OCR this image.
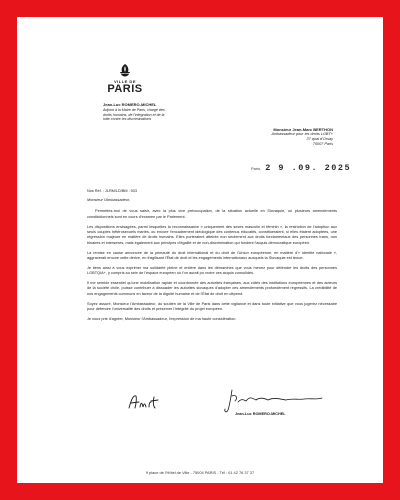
VILLE DE
PARIS
Jean-Luc ROMERO-MICHEL
Adjoint à la Maire de Paris, chargé des
droits humains, de l'intégration et de la
lutte contre les discriminations
Monsieur Jean-Marc BERTHON
Ambassadeur pour les droits LGBT+
37 quai d'Orsay
75007 Paris
Paris, 2 9 .09. 2025
Nos Réf. : JLRM/LD/BM : 503

Monsieur l'Ambassadeur,

Permettez-moi de vous saisir, avec la plus vive préoccupation, de la situation actuelle en Slovaquie, où plusieurs amendements constitutionnels sont en cours d'examen par le Parlement.

Les dispositions envisagées, parmi lesquelles la reconnaissance « uniquement des sexes masculin et féminin », la restriction de l'adoption aux seuls couples hétérosexuels mariés, ou encore l'encadrement idéologique des contenus éducatifs, constitueraient, si elles étaient adoptées, une régression majeure en matière de droits humains. Elles porteraient atteinte non seulement aux droits fondamentaux des personnes trans, non binaires et intersexes, mais également aux principes d'égalité et de non-discrimination qui fondent l'acquis démocratique européen.

La remise en cause annoncée de la primauté du droit international et du droit de l'Union européenne, en matière d'« identité nationale », aggraverait encore cette dérive, en fragilisant l'État de droit et les engagements internationaux auxquels la Slovaquie est tenue.

Je tiens ainsi à vous exprimer ma solidarité pleine et entière dans les démarches que vous menez pour défendre les droits des personnes LGBTQIA+, y compris au sein de l'espace européen où l'on aurait pu croire ces acquis consolidés.

Il me semble essentiel qu'une mobilisation rapide et coordonnée des autorités françaises, aux côtés des institutions européennes et des acteurs de la société civile, puisse contribuer à dissuader les autorités slovaques d'adopter ces amendements profondément régressifs. La crédibilité de nos engagements communs en faveur de la dignité humaine et de l'État de droit en dépend.

Soyez assuré, Monsieur l'Ambassadeur, du soutien de la Ville de Paris dans cette vigilance et dans toute initiative que vous jugerez nécessaire pour défendre l'universalité des droits et préserver l'intégrité du projet européen.

Je vous prie d'agréer, Monsieur l'Ambassadeur, l'expression de ma haute considération.

Jean-Luc ROMERO-MICHEL
9 place de l'Hôtel de Ville - 75004 PARIS - Tél : 01 42 76 37 37
